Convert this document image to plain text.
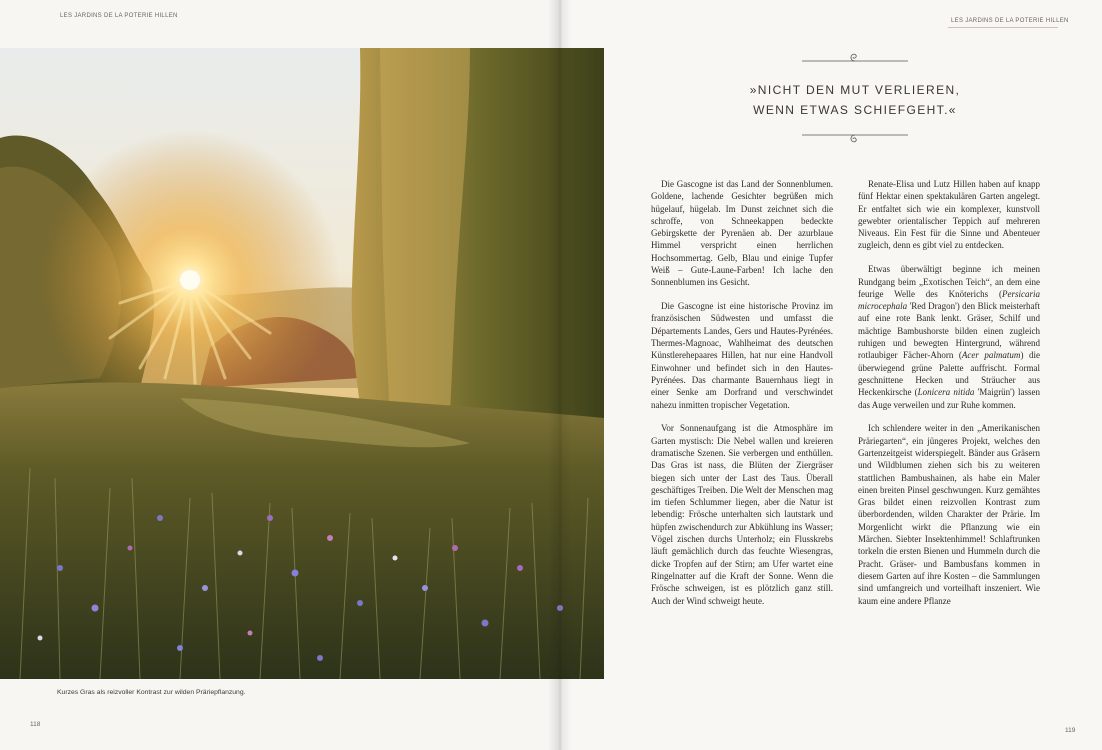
LES JARDINS DE LA POTERIE HILLEN
Kurzes Gras als reizvoller Kontrast zur wilden Präriepflanzung.
118
LES JARDINS DE LA POTERIE HILLEN
»NICHT DEN MUT VERLIEREN,
WENN ETWAS SCHIEFGEHT.«

Die Gascogne ist das Land der Sonnenblumen. Goldene, lachende Gesichter begrüßen mich hügelauf, hügelab. Im Dunst zeichnet sich die schroffe, von Schneekappen bedeckte Gebirgskette der Pyrenäen ab. Der azurblaue Himmel verspricht einen herrlichen Hochsommertag. Gelb, Blau und einige Tupfer Weiß – Gute-Laune-Farben! Ich lache den Sonnenblumen ins Gesicht.

Die Gascogne ist eine historische Provinz im französischen Südwesten und umfasst die Départements Landes, Gers und Hautes-Pyrénées. Thermes-Magnoac, Wahlheimat des deutschen Künstlerehepaares Hillen, hat nur eine Handvoll Einwohner und befindet sich in den Hautes-Pyrénées. Das charmante Bauernhaus liegt in einer Senke am Dorfrand und verschwindet nahezu inmitten tropischer Vegetation.

Vor Sonnenaufgang ist die Atmosphäre im Garten mystisch: Die Nebel wallen und kreieren dramatische Szenen. Sie verbergen und enthüllen. Das Gras ist nass, die Blüten der Ziergräser biegen sich unter der Last des Taus. Überall geschäftiges Treiben. Die Welt der Menschen mag im tiefen Schlummer liegen, aber die Natur ist lebendig: Frösche unterhalten sich lautstark und hüpfen zwischendurch zur Abkühlung ins Wasser; Vögel zischen durchs Unterholz; ein Flusskrebs läuft gemächlich durch das feuchte Wiesengras, dicke Tropfen auf der Stirn; am Ufer wartet eine Ringelnatter auf die Kraft der Sonne. Wenn die Frösche schweigen, ist es plötzlich ganz still. Auch der Wind schweigt heute.

Renate-Elisa und Lutz Hillen haben auf knapp fünf Hektar einen spektakulären Garten angelegt. Er entfaltet sich wie ein komplexer, kunstvoll gewebter orientalischer Teppich auf mehreren Niveaus. Ein Fest für die Sinne und Abenteuer zugleich, denn es gibt viel zu entdecken.

Etwas überwältigt beginne ich meinen Rundgang beim „Exotischen Teich“, an dem eine feurige Welle des Knöterichs (Persicaria microcephala 'Red Dragon') den Blick meisterhaft auf eine rote Bank lenkt. Gräser, Schilf und mächtige Bambushorste bilden einen zugleich ruhigen und bewegten Hintergrund, während rotlaubiger Fächer-Ahorn (Acer palmatum) die überwiegend grüne Palette auffrischt. Formal geschnittene Hecken und Sträucher aus Heckenkirsche (Lonicera nitida 'Maigrün') lassen das Auge verweilen und zur Ruhe kommen.

Ich schlendere weiter in den „Amerikanischen Präriegarten“, ein jüngeres Projekt, welches den Gartenzeitgeist widerspiegelt. Bänder aus Gräsern und Wildblumen ziehen sich bis zu weiteren stattlichen Bambushainen, als habe ein Maler einen breiten Pinsel geschwungen. Kurz gemähtes Gras bildet einen reizvollen Kontrast zum überbordenden, wilden Charakter der Prärie. Im Morgenlicht wirkt die Pflanzung wie ein Märchen. Siebter Insektenhimmel! Schlaftrunken torkeln die ersten Bienen und Hummeln durch die Pracht. Gräser- und Bambusfans kommen in diesem Garten auf ihre Kosten – die Sammlungen sind umfangreich und vorteilhaft inszeniert. Wie kaum eine andere Pflanze

119
